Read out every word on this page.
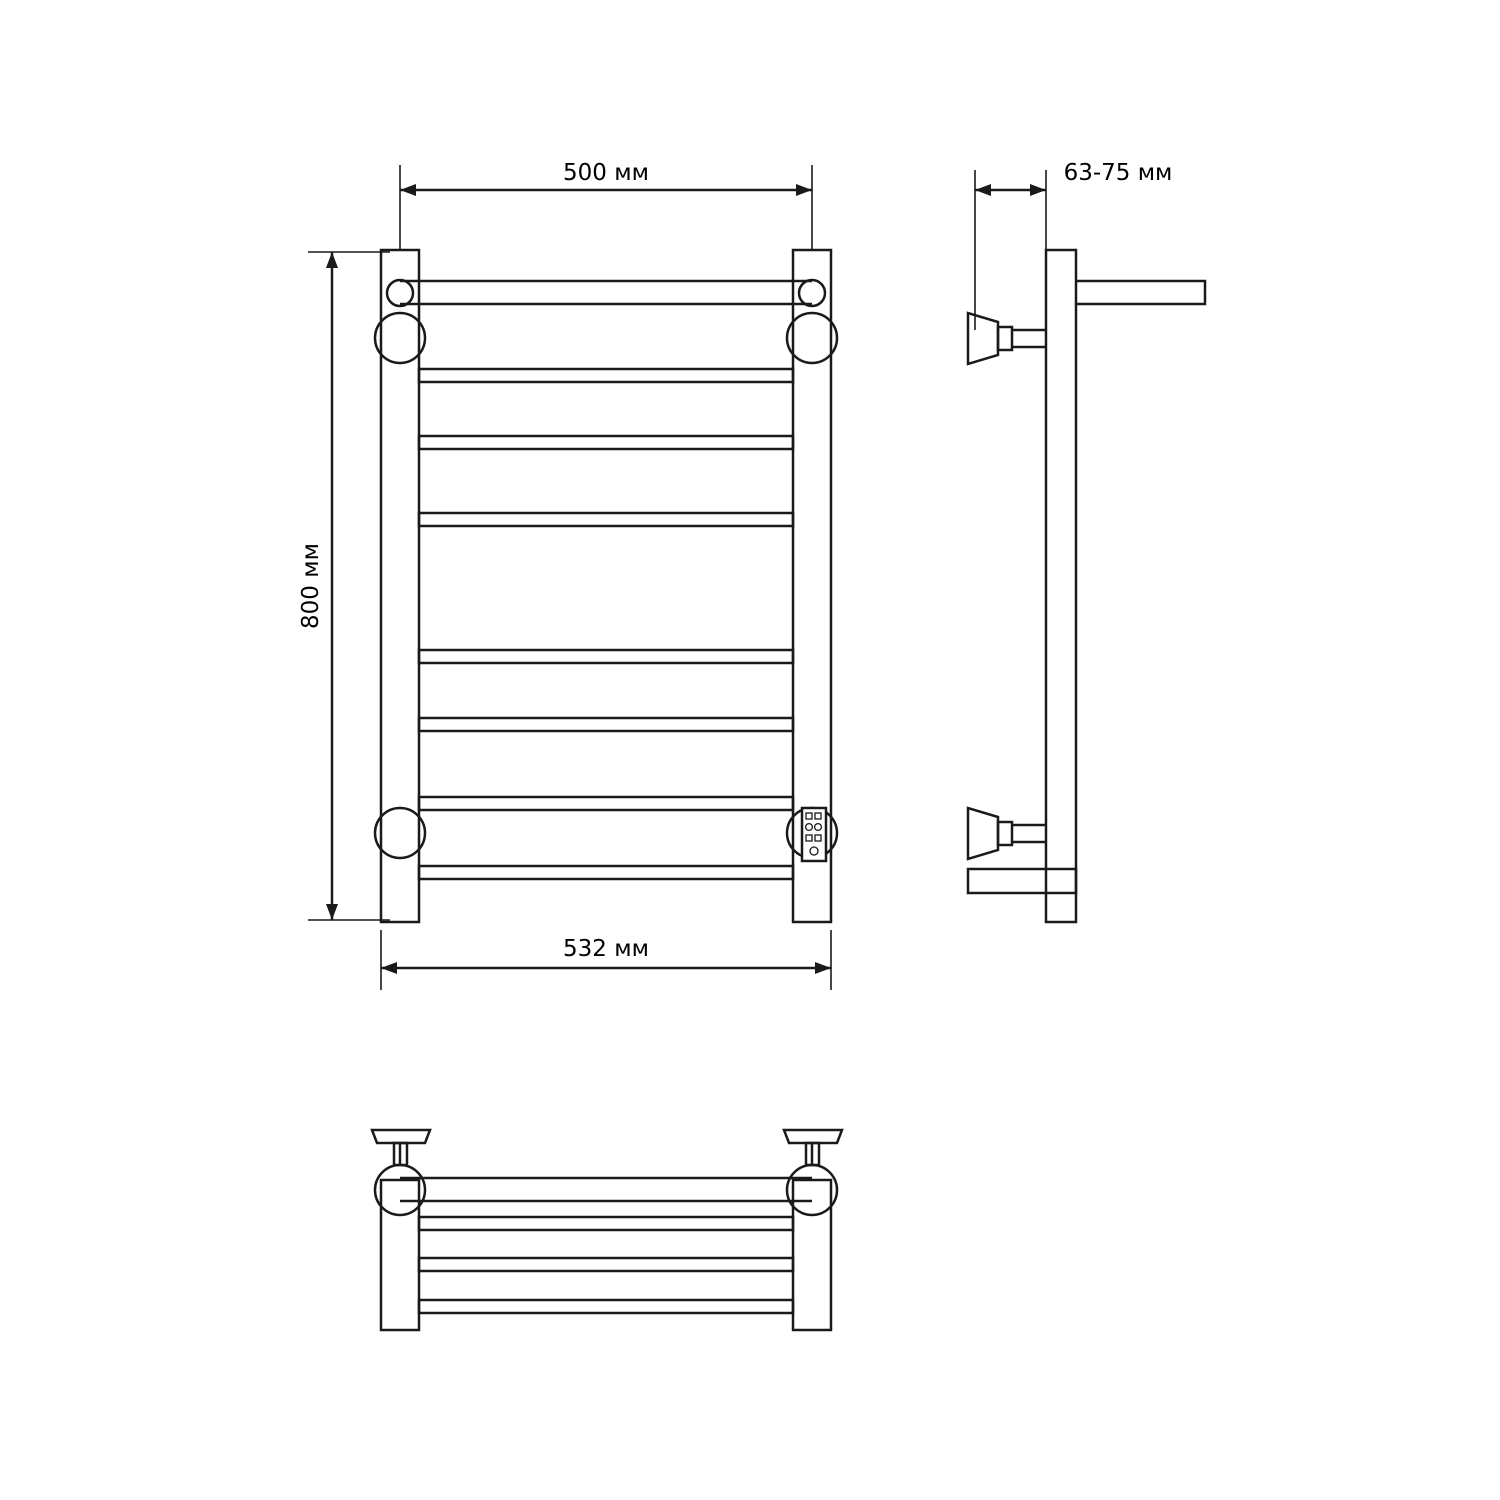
500 мм
800 мм
532 мм
63-75 мм
